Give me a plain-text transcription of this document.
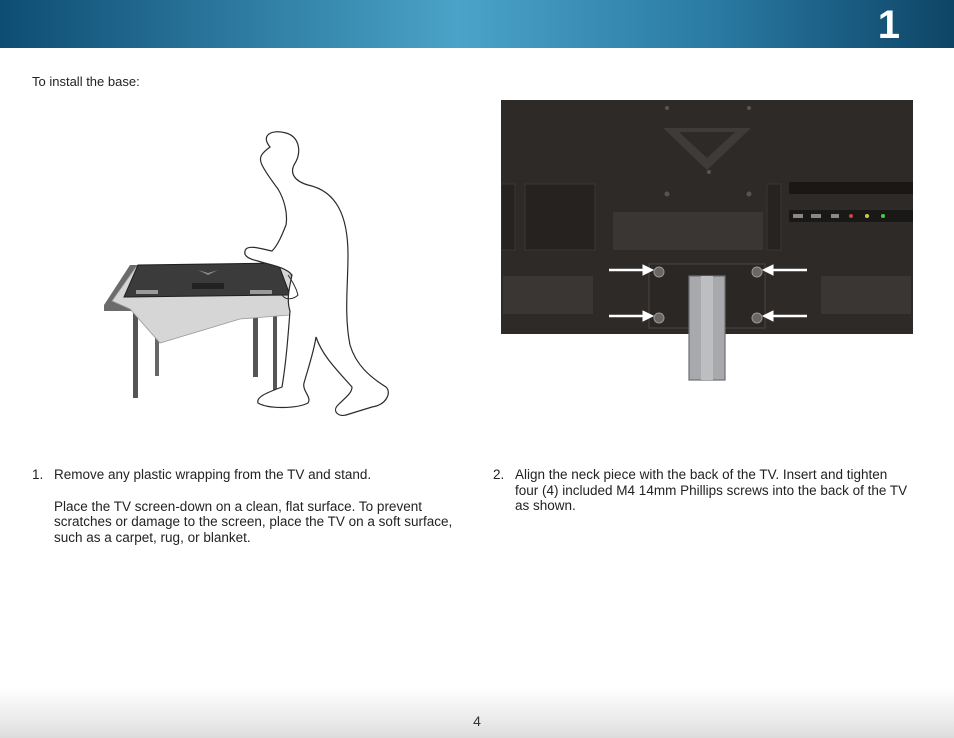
1
To install the base:
1. Remove any plastic wrapping from the TV and stand.

Place the TV screen-down on a clean, flat surface. To prevent scratches or damage to the screen, place the TV on a soft surface, such as a carpet, rug, or blanket.

2. Align the neck piece with the back of the TV. Insert and tighten four (4) included M4 14mm Phillips screws into the back of the TV as shown.

4
